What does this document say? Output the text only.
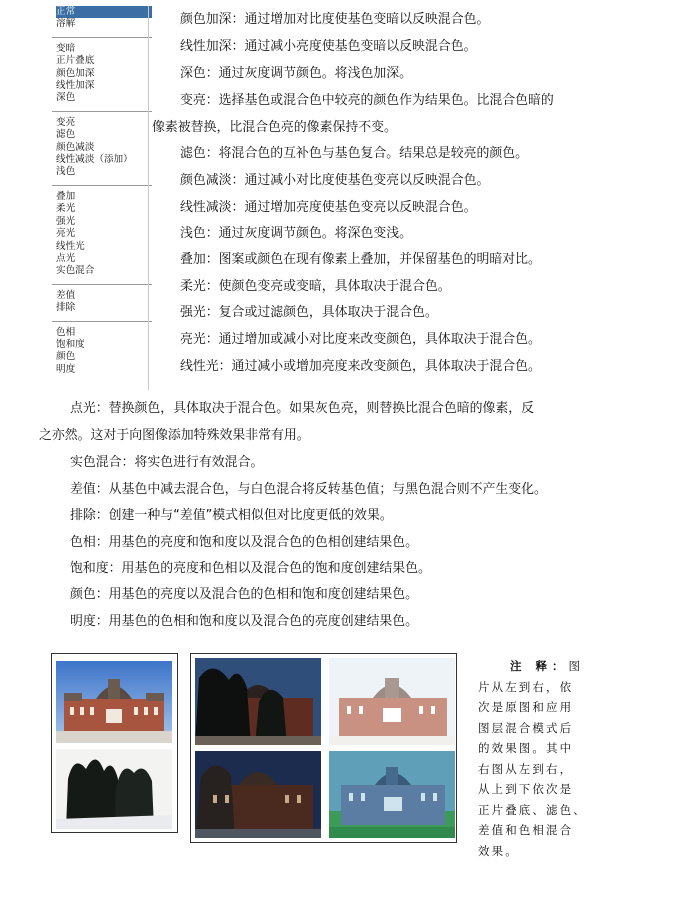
正常
溶解
变暗
正片叠底
颜色加深
线性加深
深色
变亮
滤色
颜色减淡
线性减淡（添加）
浅色
叠加
柔光
强光
亮光
线性光
点光
实色混合
差值
排除
色相
饱和度
颜色
明度
颜色加深：通过增加对比度使基色变暗以反映混合色。
线性加深：通过减小亮度使基色变暗以反映混合色。
深色：通过灰度调节颜色。将浅色加深。
变亮：选择基色或混合色中较亮的颜色作为结果色。比混合色暗的
像素被替换，比混合色亮的像素保持不变。
滤色：将混合色的互补色与基色复合。结果总是较亮的颜色。
颜色减淡：通过减小对比度使基色变亮以反映混合色。
线性减淡：通过增加亮度使基色变亮以反映混合色。
浅色：通过灰度调节颜色。将深色变浅。
叠加：图案或颜色在现有像素上叠加，并保留基色的明暗对比。
柔光：使颜色变亮或变暗，具体取决于混合色。
强光：复合或过滤颜色，具体取决于混合色。
亮光：通过增加或减小对比度来改变颜色，具体取决于混合色。
线性光：通过减小或增加亮度来改变颜色，具体取决于混合色。
点光：替换颜色，具体取决于混合色。如果灰色亮，则替换比混合色暗的像素，反
之亦然。这对于向图像添加特殊效果非常有用。
实色混合：将实色进行有效混合。
差值：从基色中减去混合色，与白色混合将反转基色值；与黑色混合则不产生变化。
排除：创建一种与“差值”模式相似但对比度更低的效果。
色相：用基色的亮度和饱和度以及混合色的色相创建结果色。
饱和度：用基色的亮度和色相以及混合色的饱和度创建结果色。
颜色：用基色的亮度以及混合色的色相和饱和度创建结果色。
明度：用基色的色相和饱和度以及混合色的亮度创建结果色。
注 释：图
片从左到右，依
次是原图和应用
图层混合模式后
的效果图。其中
右图从左到右，
从上到下依次是
正片叠底、滤色、
差值和色相混合
效果。
